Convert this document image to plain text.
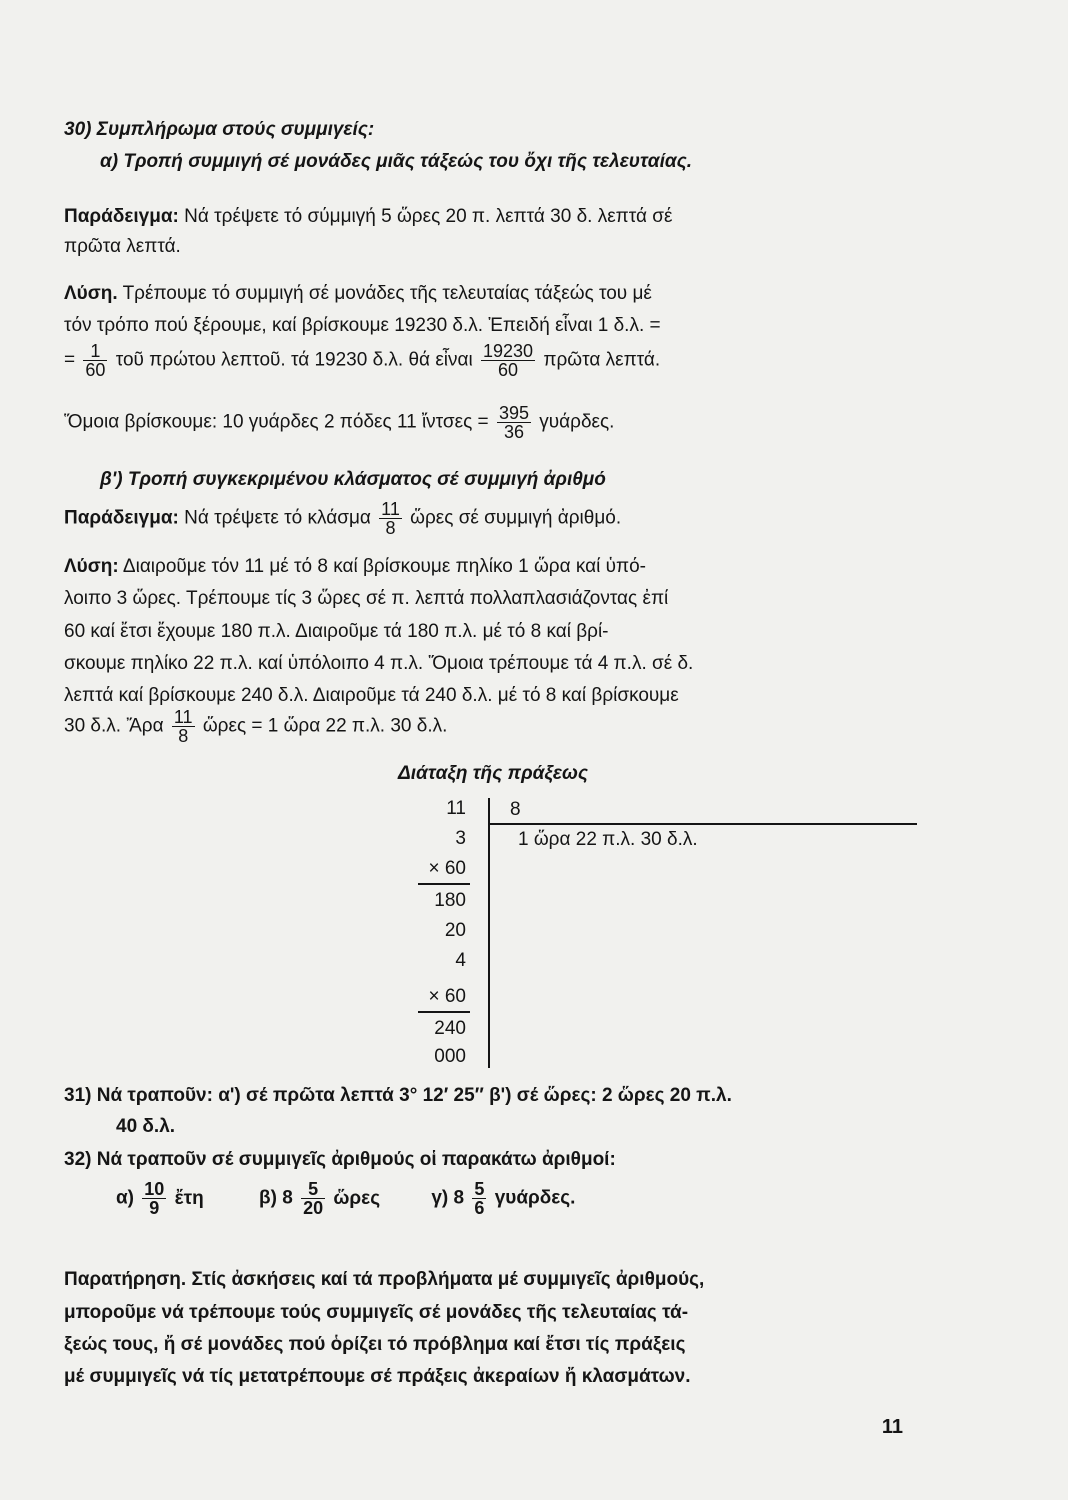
30) Συμπλήρωμα στούς συμμιγείς:
α) Τροπή συμμιγή σέ μονάδες μιᾶς τάξεώς του ὄχι τῆς τελευταίας.
Παράδειγμα: Νά τρέψετε τό σύμμιγή 5 ὥρες 20 π. λεπτά 30 δ. λεπτά σέ
πρῶτα λεπτά.
Λύση. Τρέπουμε τό συμμιγή σέ μονάδες τῆς τελευταίας τάξεώς του μέ
τόν τρόπο πού ξέρουμε, καί βρίσκουμε 19230 δ.λ. Ἐπειδή εἶναι 1 δ.λ. =
= $\frac{1}{60}$ τοῦ πρώτου λεπτοῦ. τά 19230 δ.λ. θά εἶναι $\frac{19230}{60}$ πρῶτα λεπτά.
Ὅμοια βρίσκουμε: 10 γυάρδες 2 πόδες 11 ἴντσες = $\frac{395}{36} \gamma\upsilon ά\rho\delta\varepsilon\varsigma$.
β') Τροπή συγκεκριμένου κλάσματος σέ συμμιγή ἀριθμό
Παράδειγμα: Νά τρέψετε τό κλάσμα $\frac{11}{8}$ ὥρες σέ συμμιγή ἀριθμό.
Λύση: Διαιροῦμε τόν 11 μέ τό 8 καί βρίσκουμε πηλίκο 1 ὥρα καί ὑπό-
λοιπο 3 ὥρες. Τρέπουμε τίς 3 ὥρες σέ π. λεπτά πολλαπλασιάζοντας ἐπί
60 καί ἔτσι ἔχουμε 180 π.λ. Διαιροῦμε τά 180 π.λ. μέ τό 8 καί βρί-
σκουμε πηλίκο 22 π.λ. καί ὑπόλοιπο 4 π.λ. Ὅμοια τρέπουμε τά 4 π.λ. σέ δ.
λεπτά καί βρίσκουμε 240 δ.λ. Διαιροῦμε τά 240 δ.λ. μέ τό 8 καί βρίσκουμε
30 δ.λ. Ἄρα $\frac{11}{8}$ ὥρες = 1 ὥρα 22 π.λ. 30 δ.λ.
Διάταξη τῆς πράξεως
11
3
× 60
180
20
4
× 60
240
000
8
1 ὥρα 22 π.λ. 30 δ.λ.
31) Νά τραποῦν: α') σέ πρῶτα λεπτά 3° 12′ 25″ β') σέ ὥρες: 2 ὥρες 20 π.λ.
40 δ.λ.
32) Νά τραποῦν σέ συμμιγεῖς ἀριθμούς οἱ παρακάτω ἀριθμοί:
$\alpha) \frac{10}{9}$ ἔτη	β) $8 \frac{5}{20}$ ὥρες	γ) $8 \frac{5}{6} \gamma\upsilon ά\rho\delta\varepsilon\varsigma$.
Παρατήρηση. Στίς ἀσκήσεις καί τά προβλήματα μέ συμμιγεῖς ἀριθμούς,
μποροῦμε νά τρέπουμε τούς συμμιγεῖς σέ μονάδες τῆς τελευταίας τά-
ξεώς τους, ἤ σέ μονάδες πού ὁρίζει τό πρόβλημα καί ἔτσι τίς πράξεις
μέ συμμιγεῖς νά τίς μετατρέπουμε σέ πράξεις ἀκεραίων ἤ κλασμάτων.
11
